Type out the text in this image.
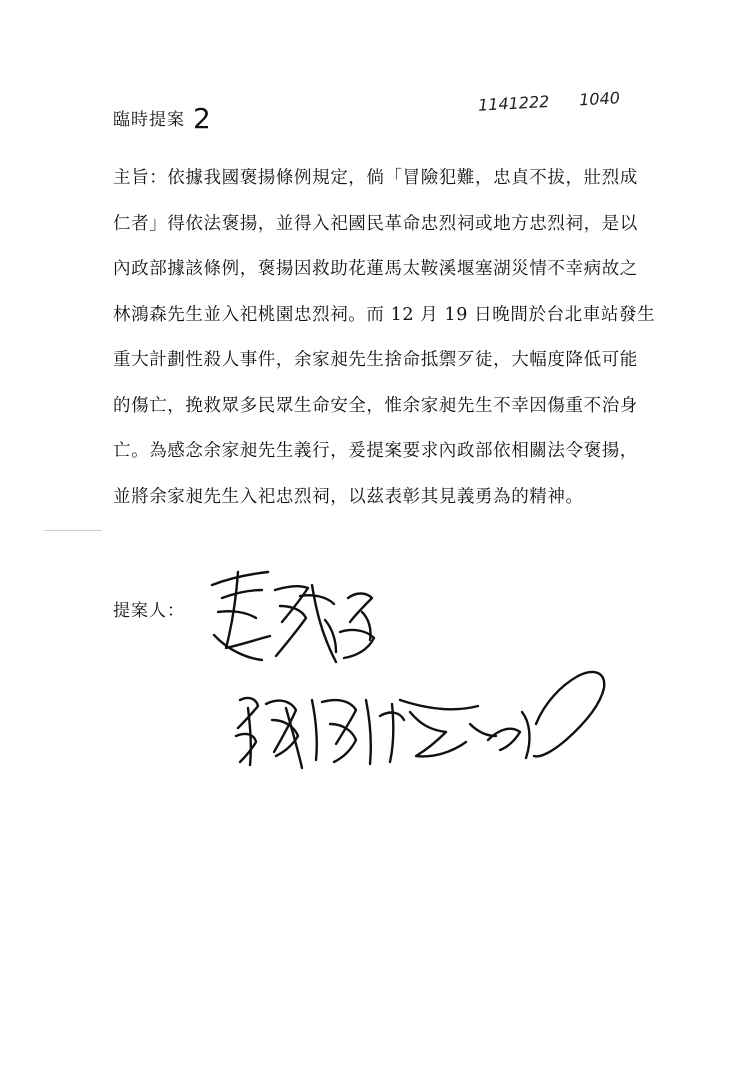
臨時提案 2	1141222 1040
主旨：依據我國褒揚條例規定，倘「冒險犯難，忠貞不拔，壯烈成
仁者」得依法褒揚，並得入祀國民革命忠烈祠或地方忠烈祠，是以
內政部據該條例，褒揚因救助花蓮馬太鞍溪堰塞湖災情不幸病故之
林鴻森先生並入祀桃園忠烈祠。而 12 月 19 日晚間於台北車站發生
重大計劃性殺人事件，余家昶先生捨命抵禦歹徒，大幅度降低可能
的傷亡，挽救眾多民眾生命安全，惟余家昶先生不幸因傷重不治身
亡。為感念余家昶先生義行，爰提案要求內政部依相關法令褒揚，
並將余家昶先生入祀忠烈祠，以茲表彰其見義勇為的精神。
提案人：
